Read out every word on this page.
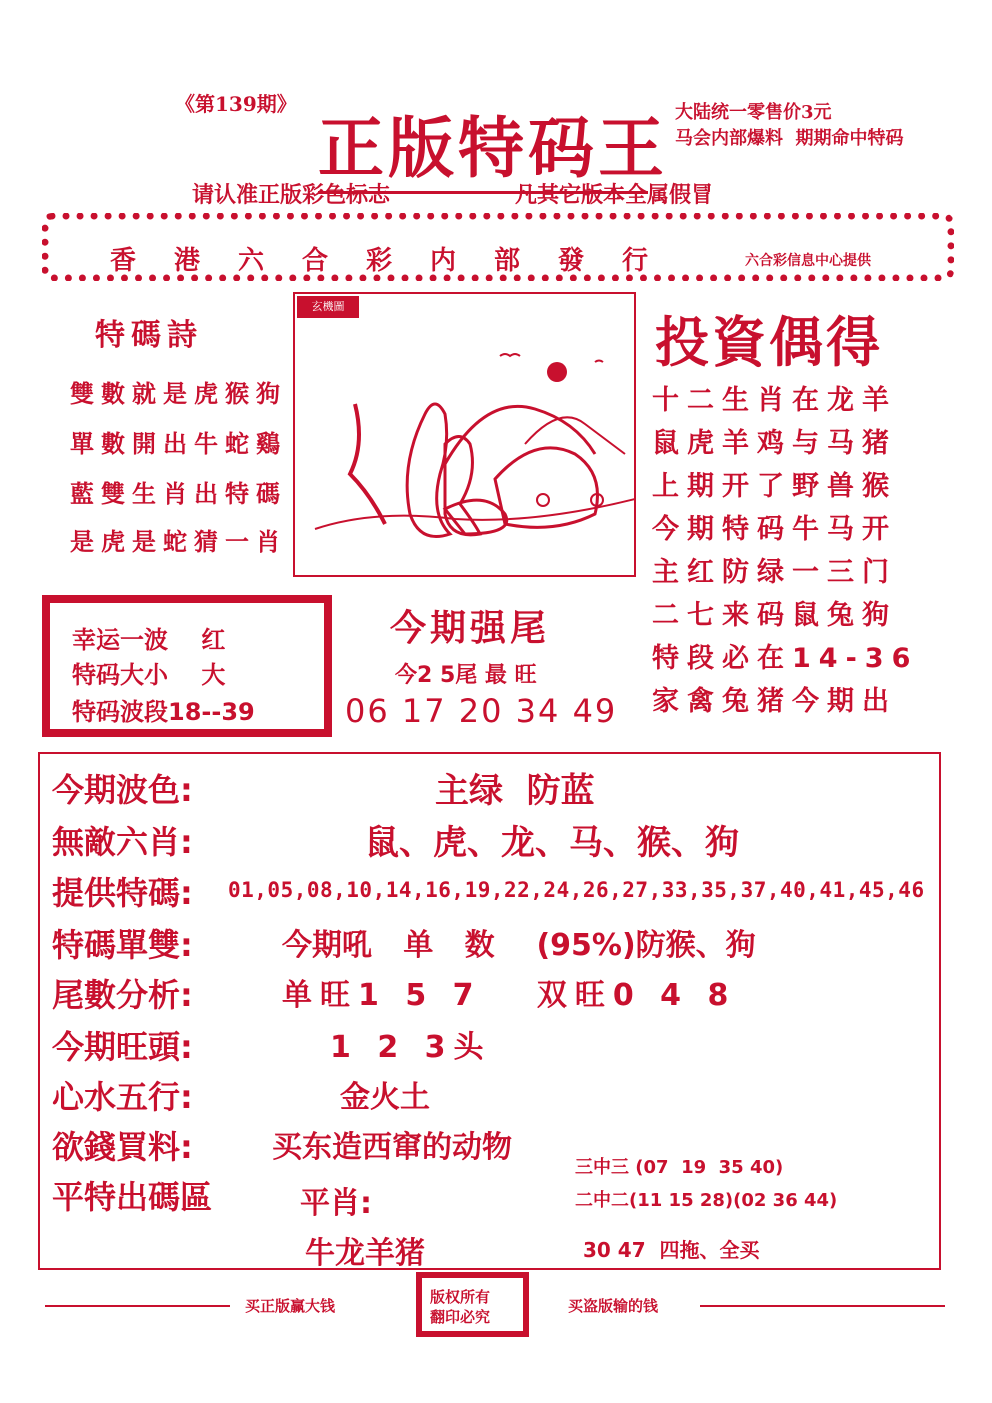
《第139期》
正版特码王 大陆统一零售价3元
马会内部爆料  期期命中特码
请认准正版彩色标志	凡其它版本全属假冒
香港六合彩内部發行	六合彩信息中心提供
特碼詩
雙數就是虎猴狗
單數開出牛蛇鷄
藍雙生肖出特碼
是虎是蛇猜一肖
玄機圖
投資偶得
十二生肖在龙羊
鼠虎羊鸡与马猪
上期开了野兽猴
今期特码牛马开
主红防绿一三门
二七来码鼠兔狗
特段必在14-36
家禽兔猪今期出
幸运一波    红
特码大小    大
特码波段18--39
今期强尾
今2 5尾 最 旺
06 17 20 34 49
今期波色:	主绿  防蓝
無敵六肖:	鼠、虎、龙、马、猴、狗
提供特碼: 01,05,08,10,14,16,19,22,24,26,27,33,35,37,40,41,45,46
特碼單雙:	今期吼   单   数    (95%)防猴、狗
尾數分析:	单旺1 5 7   双旺0 4 8
今期旺頭:	1 2 3头
心水五行:	金火土
欲錢買料:	买东造西窜的动物
平特出碼區	平肖:
牛龙羊猪
三中三 (07  19  35 40)
二中二(11 15 28)(02 36 44)
30 47  四拖、全买
买正版赢大钱	版权所有
翻印必究
买盗版输的钱
